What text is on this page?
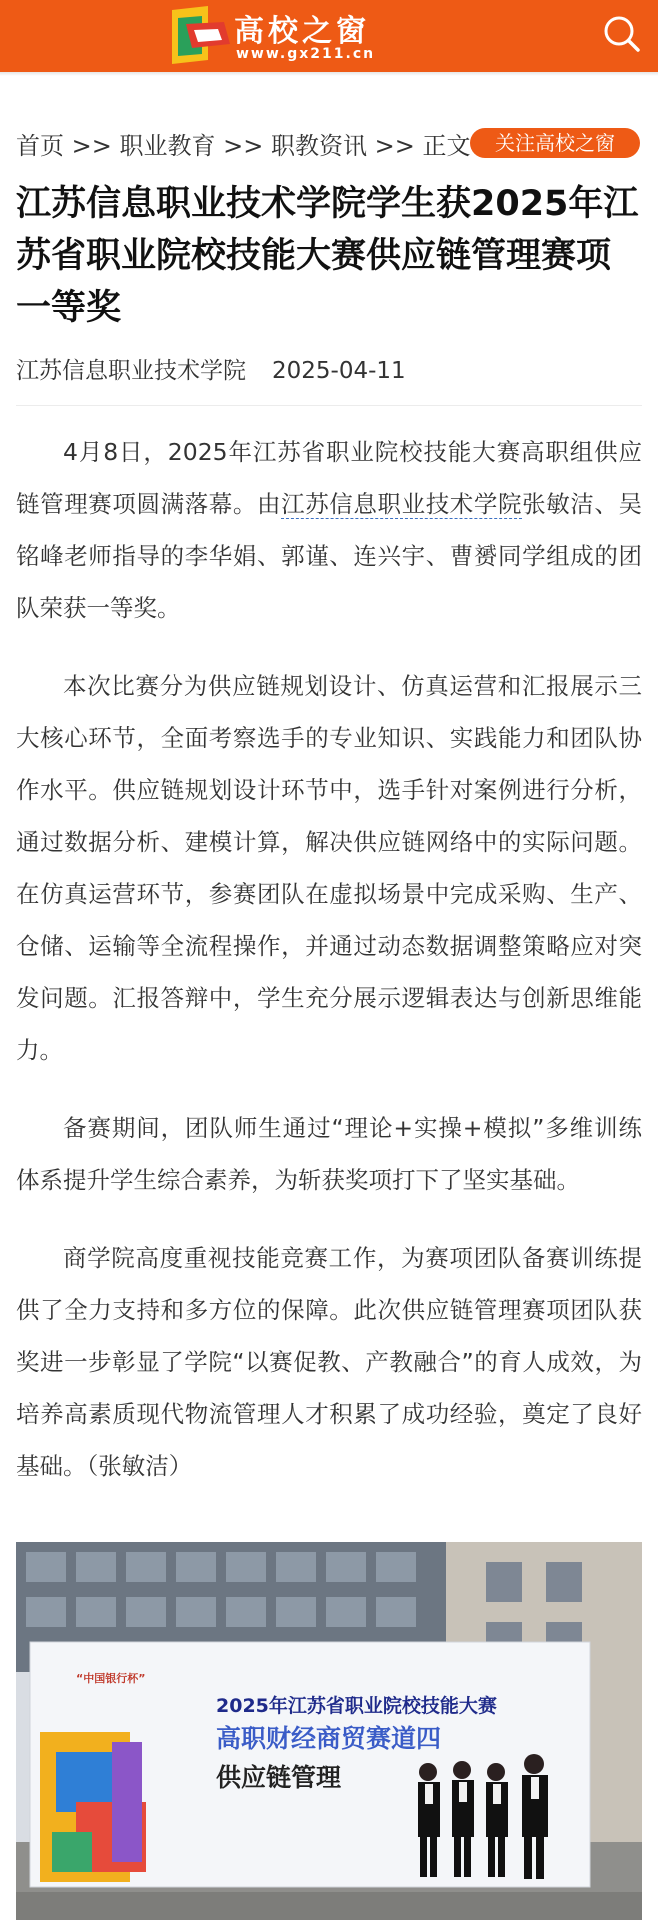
高校之窗
www.gx211.cn
首页 >> 职业教育 >> 职教资讯 >> 正文	关注高校之窗
江苏信息职业技术学院学生获2025年江苏省职业院校技能大赛供应链管理赛项一等奖
江苏信息职业技术学院 2025-04-11

4月8日，2025年江苏省职业院校技能大赛高职组供应链管理赛项圆满落幕。由江苏信息职业技术学院张敏洁、吴铭峰老师指导的李华娟、郭谨、连兴宇、曹赟同学组成的团队荣获一等奖。

本次比赛分为供应链规划设计、仿真运营和汇报展示三大核心环节，全面考察选手的专业知识、实践能力和团队协作水平。供应链规划设计环节中，选手针对案例进行分析，通过数据分析、建模计算，解决供应链网络中的实际问题。在仿真运营环节，参赛团队在虚拟场景中完成采购、生产、仓储、运输等全流程操作，并通过动态数据调整策略应对突发问题。汇报答辩中，学生充分展示逻辑表达与创新思维能力。

备赛期间，团队师生通过“理论+实操+模拟”多维训练体系提升学生综合素养，为斩获奖项打下了坚实基础。

商学院高度重视技能竞赛工作，为赛项团队备赛训练提供了全力支持和多方位的保障。此次供应链管理赛项团队获奖进一步彰显了学院“以赛促教、产教融合”的育人成效，为培养高素质现代物流管理人才积累了成功经验，奠定了良好基础。（张敏洁）

“中国银行杯”
2025年江苏省职业院校技能大赛
高职财经商贸赛道四
供应链管理
